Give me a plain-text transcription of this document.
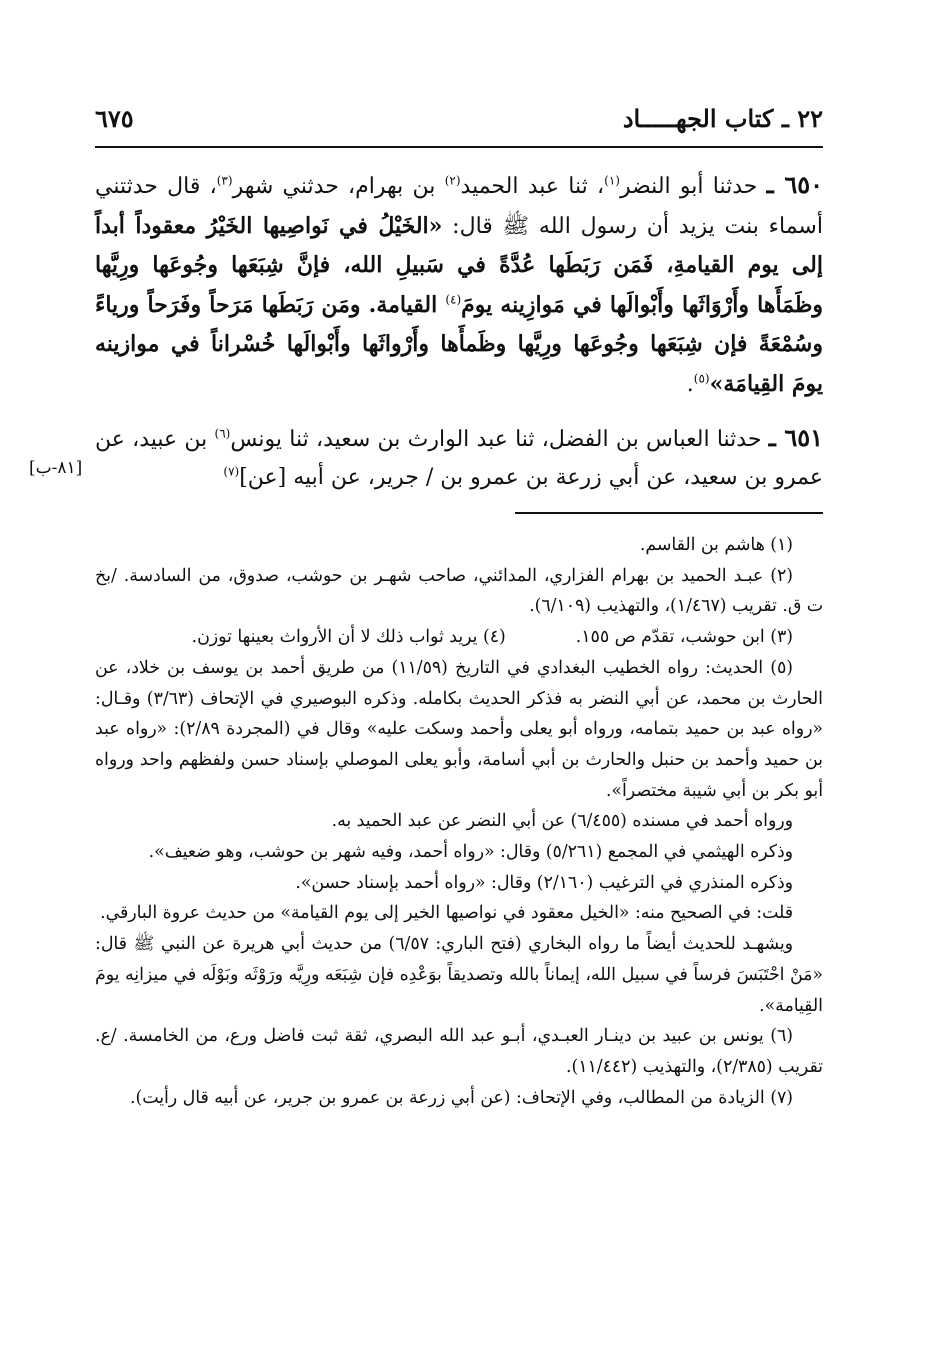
٢٢ ـ كتاب الجهـــــاد
٦٧٥

٦٥٠ ـ حدثنا أبو النضر$^{(١)}$، ثنا عبد الحميد$^{(٢)}$ بن بهرام، حدثني شهر$^{(٣)}$، قال حدثتني أسماء بنت يزيد أن رسول الله ﷺ قال: «الخَيْلُ في نَواصِيها الخَيْرُ معقوداً أبداً إلى يوم القيامةِ، فَمَن رَبَطَها عُدَّةً في سَبيلِ الله، فإنَّ شِبَعَها وجُوعَها ورِيَّها وظَمَأَها وأَرْوَاثَها وأَبْوالَها في مَوازِينه يومَ$^{(٤)}$ القيامة. ومَن رَبَطَها مَرَحاً وفَرَحاً ورياءً وسُمْعَةً فإن شِبَعَها وجُوعَها ورِيَّها وظَمأَها وأَرْواثَها وأَبْوالَها خُسْراناً في موازينه يومَ القِيامَة»$^{(٥)}$.

٦٥١ ـ حدثنا العباس بن الفضل، ثنا عبد الوارث بن سعيد، ثنا يونس$^{(٦)}$ بن عبيد، عن عمرو بن سعيد، عن أبي زرعة بن عمرو بن / جرير، عن أبيه [عن]$^{(٧)}$

[٨١-ب]

(١) هاشم بن القاسم.

(٢) عبـد الحميد بن بهرام الفزاري، المدائني، صاحب شهـر بن حوشب، صدوق، من السادسة. /بخ ت ق. تقريب (١/٤٦٧)، والتهذيب (٦/١٠٩).

(٣) ابن حوشب، تقدّم ص ١٥٥.(٤) يريد ثواب ذلك لا أن الأرواث بعينها توزن.

(٥) الحديث: رواه الخطيب البغدادي في التاريخ (١١/٥٩) من طريق أحمد بن يوسف بن خلاد، عن الحارث بن محمد، عن أبي النضر به فذكر الحديث بكامله. وذكره البوصيري في الإتحاف (٣/٦٣) وقـال: «رواه عبد بن حميد بتمامه، ورواه أبو يعلى وأحمد وسكت عليه» وقال في (المجردة ٢/٨٩): «رواه عبد بن حميد وأحمد بن حنبل والحارث بن أبي أسامة، وأبو يعلى الموصلي بإسناد حسن ولفظهم واحد ورواه أبو بكر بن أبي شيبة مختصراً».

ورواه أحمد في مسنده (٦/٤٥٥) عن أبي النضر عن عبد الحميد به.

وذكره الهيثمي في المجمع (٥/٢٦١) وقال: «رواه أحمد، وفيه شهر بن حوشب، وهو ضعيف».

وذكره المنذري في الترغيب (٢/١٦٠) وقال: «رواه أحمد بإسناد حسن».

قلت: في الصحيح منه: «الخيل معقود في نواصيها الخير إلى يوم القيامة» من حديث عروة البارقي.

ويشهـد للحديث أيضاً ما رواه البخاري (فتح الباري: ٦/٥٧) من حديث أبي هريرة عن النبي ﷺ قال: «مَنْ احْتَبَسَ فرساً في سبيل الله، إيماناً بالله وتصديقاً بوَعْدِه فإن شِبَعَه ورِيَّه ورَوْثَه وبَوْلَه في ميزانِه يومَ القِيامة».

(٦) يونس بن عبيد بن دينـار العبـدي، أبـو عبد الله البصري، ثقة ثبت فاضل ورع، من الخامسة. /ع. تقريب (٢/٣٨٥)، والتهذيب (١١/٤٤٢).

(٧) الزيادة من المطالب، وفي الإتحاف: (عن أبي زرعة بن عمرو بن جرير، عن أبيه قال رأيت).
